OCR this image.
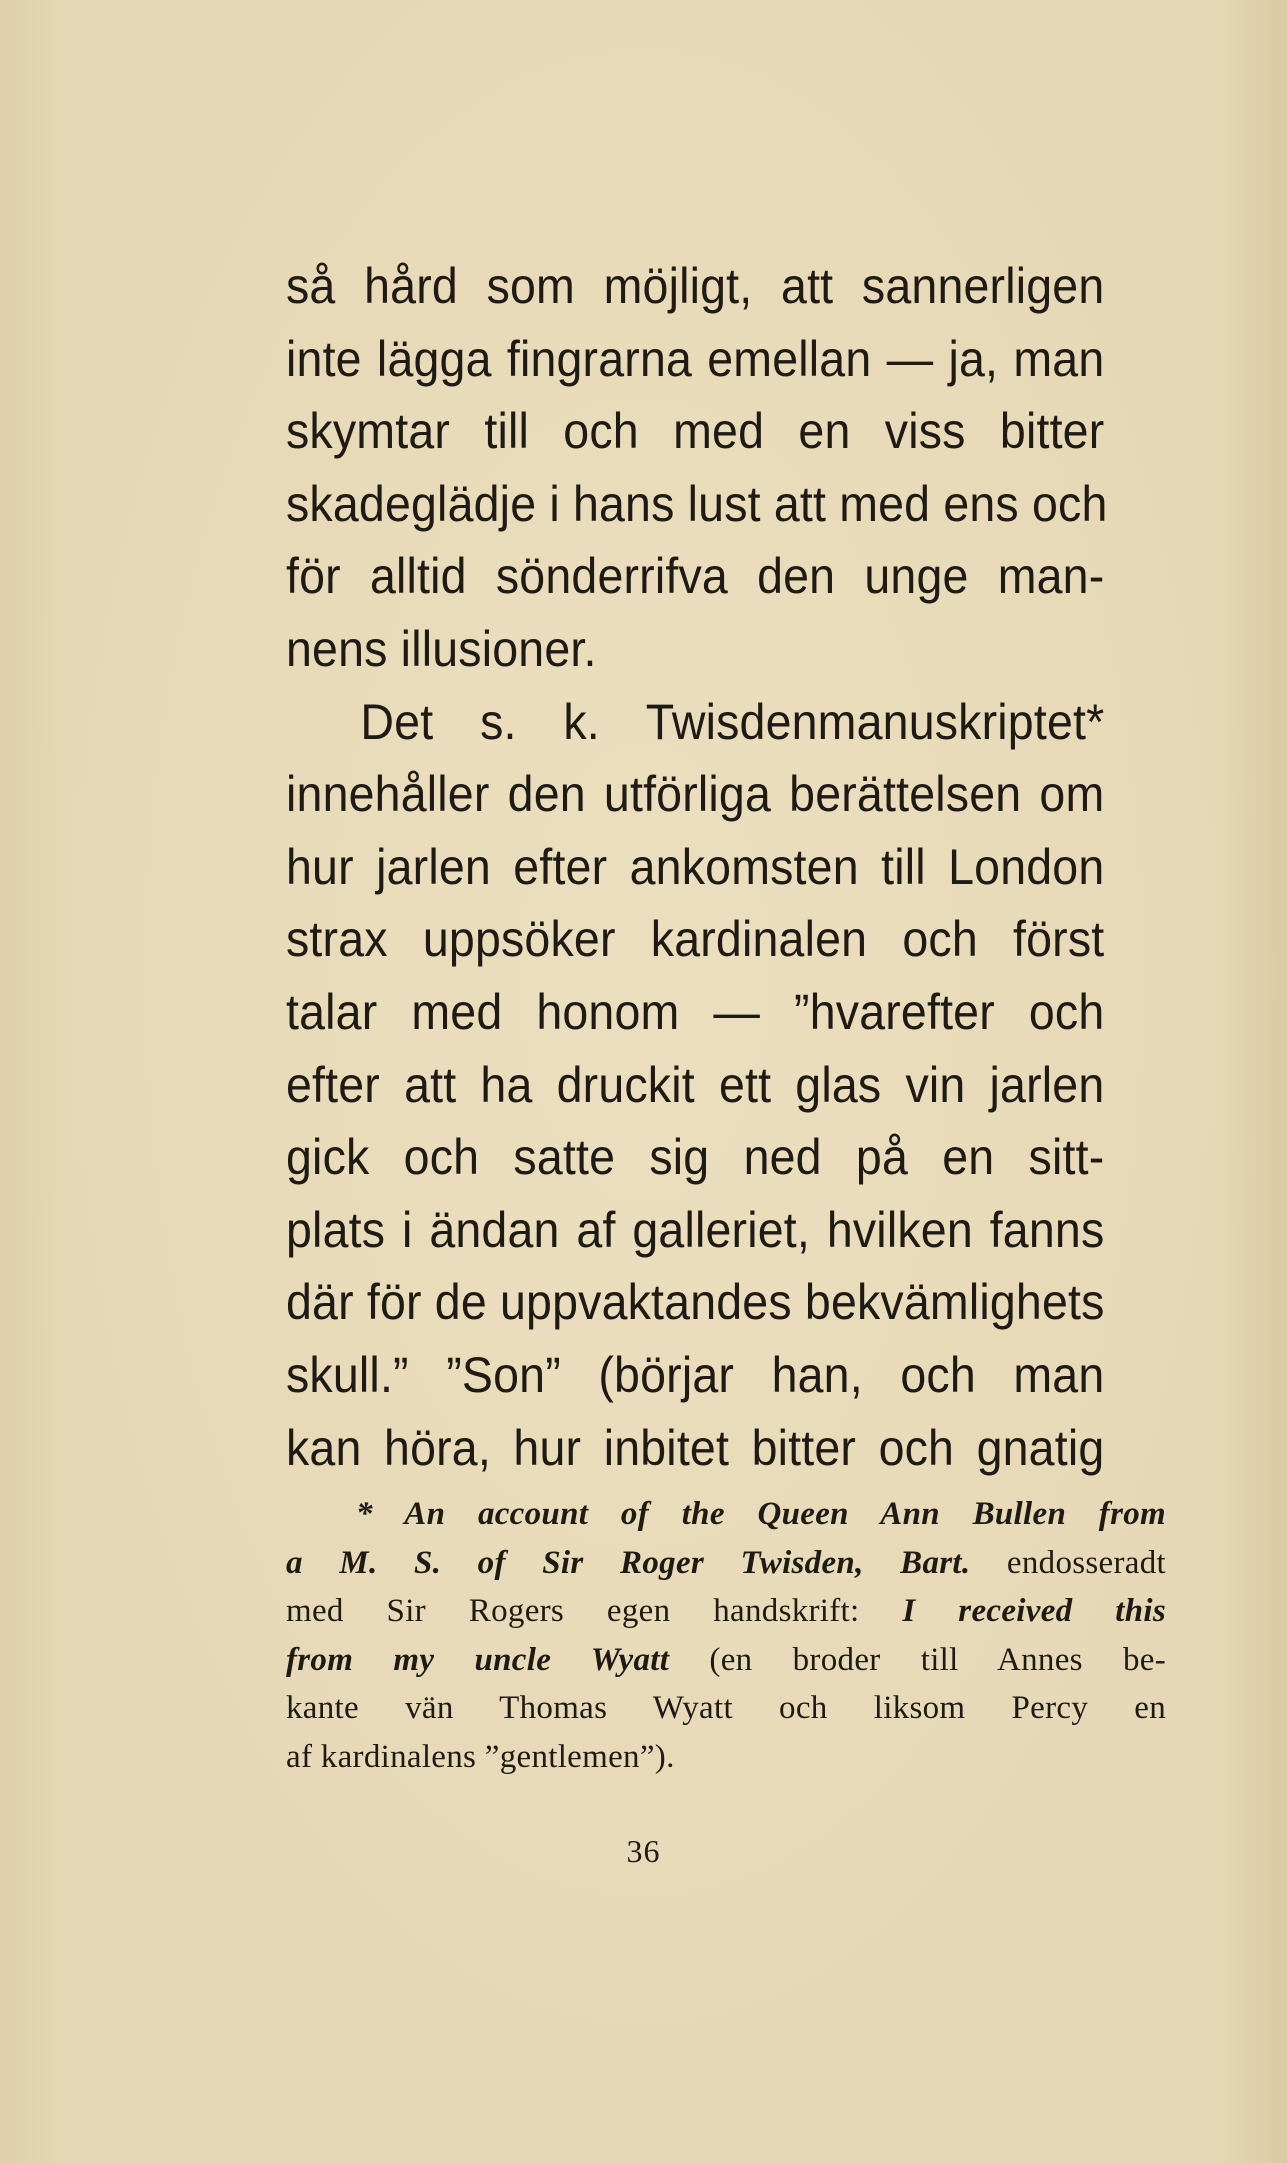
så hård som möjligt, att sannerligen
inte lägga fingrarna emellan — ja, man
skymtar till och med en viss bitter
skadeglädje i hans lust att med ens och
för alltid sönderrifva den unge man-
nens illusioner.
Det s. k. Twisdenmanuskriptet*
innehåller den utförliga berättelsen om
hur jarlen efter ankomsten till London
strax uppsöker kardinalen och först
talar med honom — ”hvarefter och
efter att ha druckit ett glas vin jarlen
gick och satte sig ned på en sitt-
plats i ändan af galleriet, hvilken fanns
där för de uppvaktandes bekvämlighets
skull.” ”Son” (börjar han, och man
kan höra, hur inbitet bitter och gnatig
* An account of the Queen Ann Bullen from
a M. S. of Sir Roger Twisden, Bart. endosseradt
med Sir Rogers egen handskrift: I received this
from my uncle Wyatt (en broder till Annes be-
kante vän Thomas Wyatt och liksom Percy en
af kardinalens ”gentlemen”).
36
